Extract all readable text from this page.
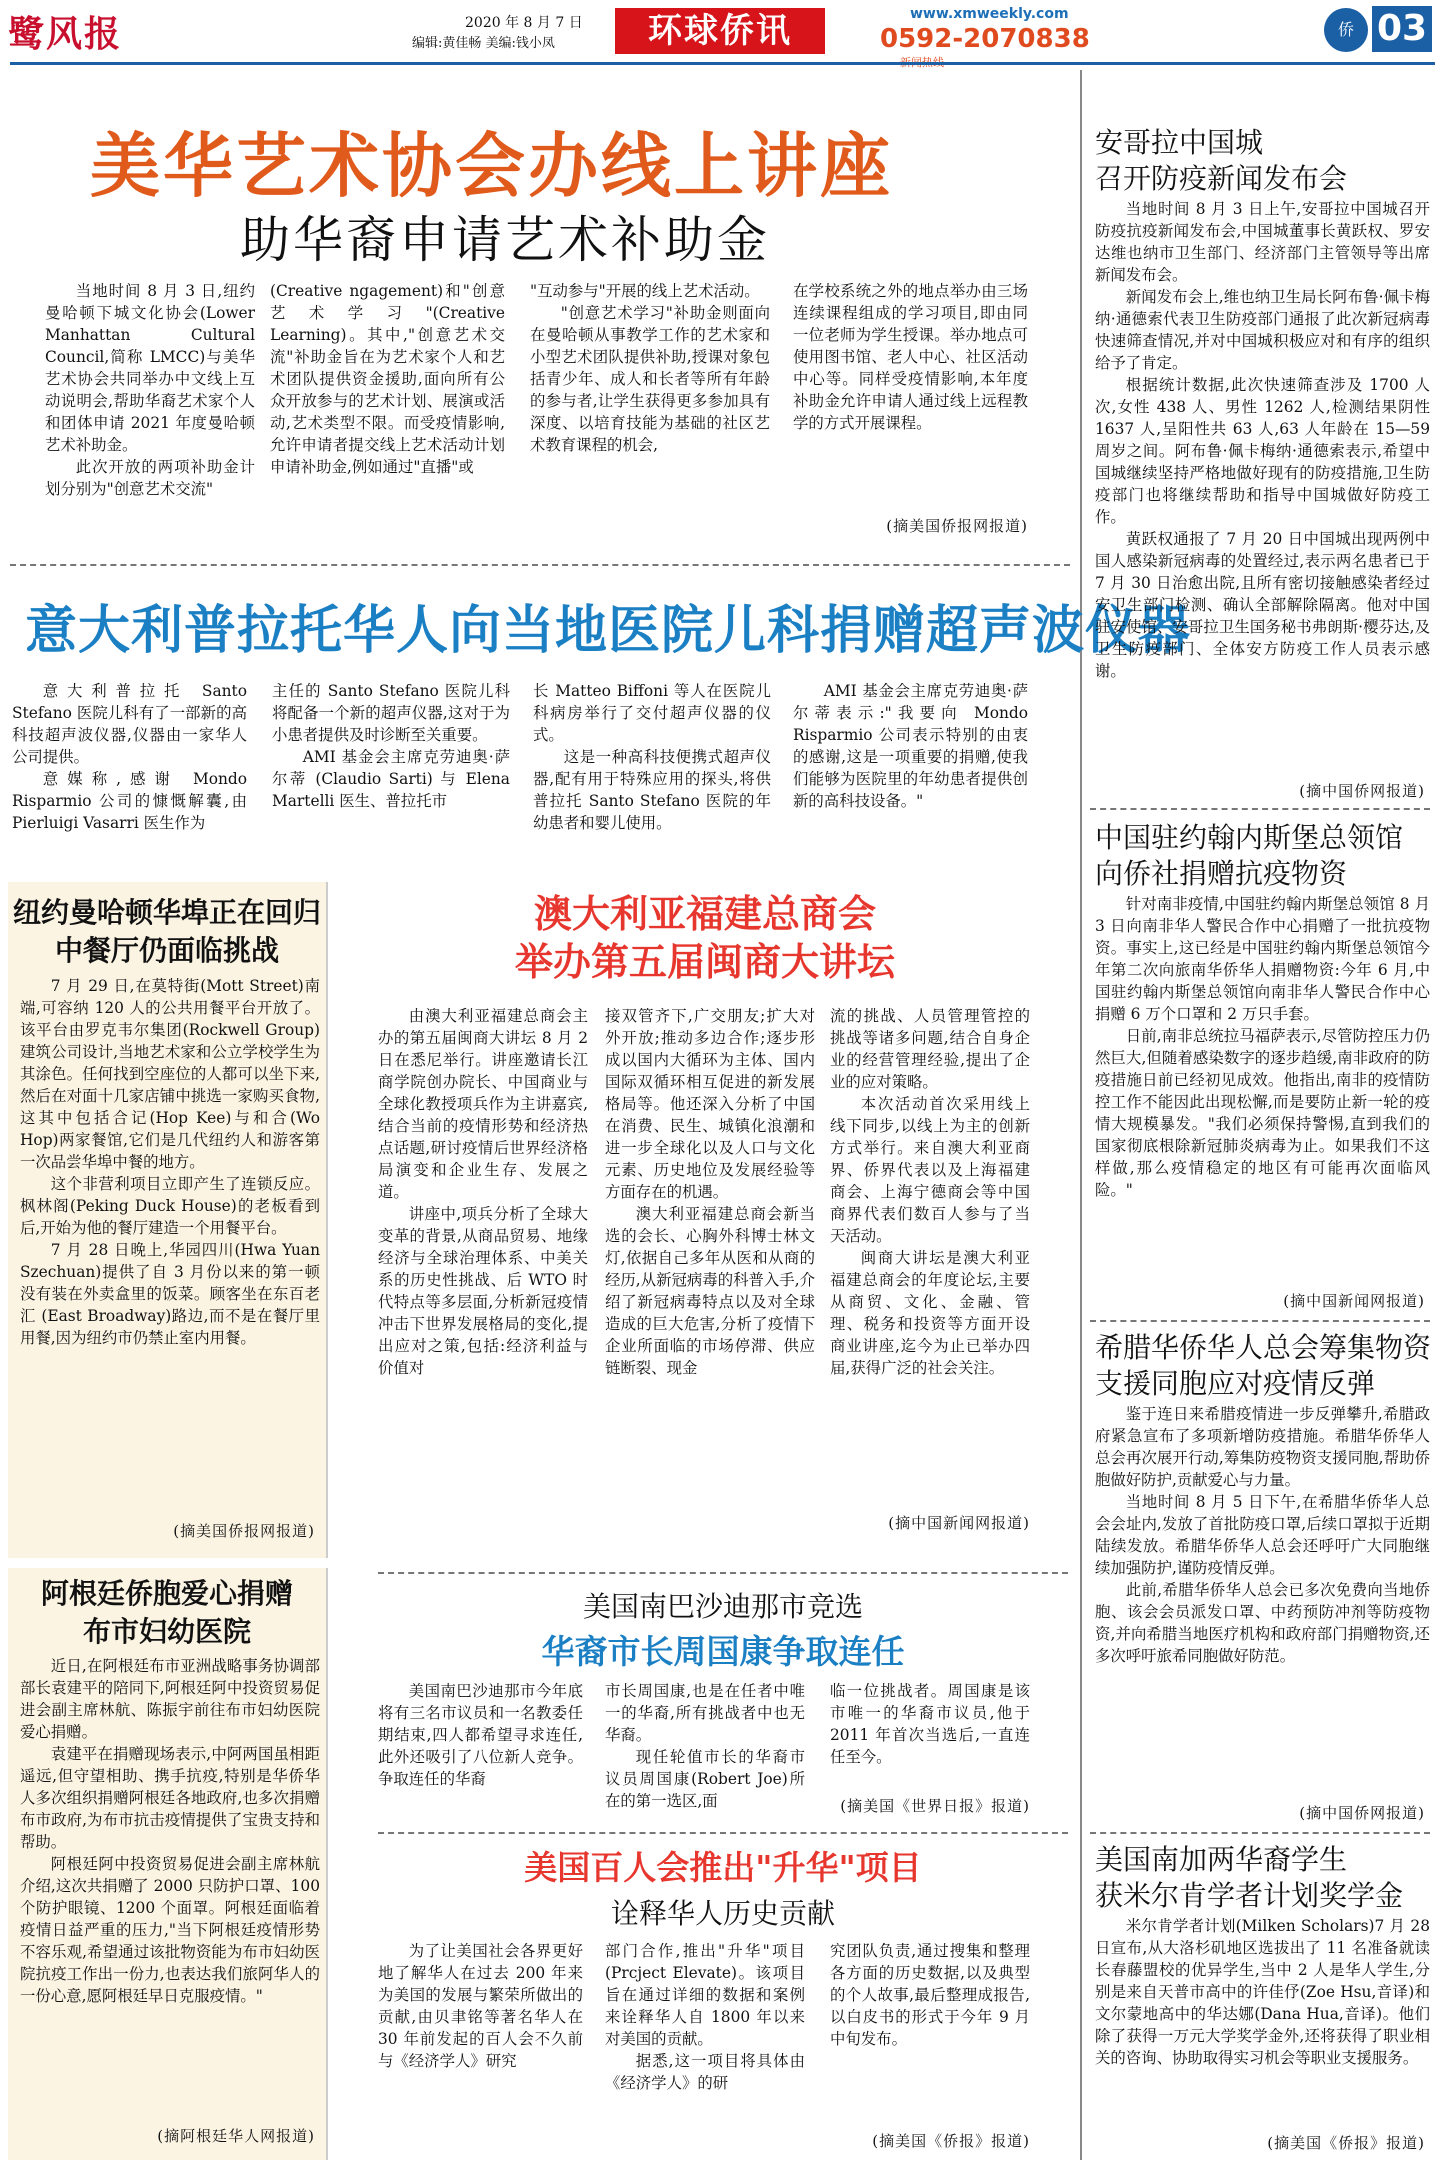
鹭风报	2020 年 8 月 7 日
编辑:黄佳畅 美编:钱小凤	环球侨讯	www.xmweekly.com
0592-2070838	侨 03
美华艺术协会办线上讲座
助华裔申请艺术补助金

当地时间 8 月 3 日,纽约曼哈顿下城文化协会(Lower Manhattan Cultural Council,简称 LMCC)与美华艺术协会共同举办中文线上互动说明会,帮助华裔艺术家个人和团体申请 2021 年度曼哈顿艺术补助金。

此次开放的两项补助金计划分别为"创意艺术交流"

(Creative ngagement)和"创意艺术学习"(Creative Learning)。其中,"创意艺术交流"补助金旨在为艺术家个人和艺术团队提供资金援助,面向所有公众开放参与的艺术计划、展演或活动,艺术类型不限。而受疫情影响,允许申请者提交线上艺术活动计划申请补助金,例如通过"直播"或

"互动参与"开展的线上艺术活动。

"创意艺术学习"补助金则面向在曼哈顿从事教学工作的艺术家和小型艺术团队提供补助,授课对象包括青少年、成人和长者等所有年龄的参与者,让学生获得更多参加具有深度、以培育技能为基础的社区艺术教育课程的机会,

在学校系统之外的地点举办由三场连续课程组成的学习项目,即由同一位老师为学生授课。举办地点可使用图书馆、老人中心、社区活动中心等。同样受疫情影响,本年度补助金允许申请人通过线上远程教学的方式开展课程。

(摘美国侨报网报道)

意大利普拉托华人向当地医院儿科捐赠超声波仪器

意大利普拉托 Santo Stefano 医院儿科有了一部新的高科技超声波仪器,仪器由一家华人公司提供。

意媒称,感谢 Mondo Risparmio 公司的慷慨解囊,由 Pierluigi Vasarri 医生作为

主任的 Santo Stefano 医院儿科将配备一个新的超声仪器,这对于为小患者提供及时诊断至关重要。

AMI 基金会主席克劳迪奥·萨尔蒂 (Claudio Sarti) 与 Elena Martelli 医生、普拉托市

长 Matteo Biffoni 等人在医院儿科病房举行了交付超声仪器的仪式。

这是一种高科技便携式超声仪器,配有用于特殊应用的探头,将供普拉托 Santo Stefano 医院的年幼患者和婴儿使用。

AMI 基金会主席克劳迪奥·萨尔蒂表示:"我要向 Mondo Risparmio 公司表示特别的由衷的感谢,这是一项重要的捐赠,使我们能够为医院里的年幼患者提供创新的高科技设备。"

纽约曼哈顿华埠正在回归
中餐厅仍面临挑战

7 月 29 日,在莫特街(Mott Street)南端,可容纳 120 人的公共用餐平台开放了。该平台由罗克韦尔集团(Rockwell Group)建筑公司设计,当地艺术家和公立学校学生为其涂色。任何找到空座位的人都可以坐下来,然后在对面十几家店铺中挑选一家购买食物,这其中包括合记(Hop Kee)与和合(Wo Hop)两家餐馆,它们是几代纽约人和游客第一次品尝华埠中餐的地方。

这个非营利项目立即产生了连锁反应。枫林阁(Peking Duck House)的老板看到后,开始为他的餐厅建造一个用餐平台。

7 月 28 日晚上,华园四川(Hwa Yuan Szechuan)提供了自 3 月份以来的第一顿没有装在外卖盒里的饭菜。顾客坐在东百老汇 (East Broadway)路边,而不是在餐厅里用餐,因为纽约市仍禁止室内用餐。

(摘美国侨报网报道)

阿根廷侨胞爱心捐赠
布市妇幼医院

近日,在阿根廷布市亚洲战略事务协调部部长袁建平的陪同下,阿根廷阿中投资贸易促进会副主席林航、陈振宇前往布市妇幼医院爱心捐赠。

袁建平在捐赠现场表示,中阿两国虽相距遥远,但守望相助、携手抗疫,特别是华侨华人多次组织捐赠阿根廷各地政府,也多次捐赠布市政府,为布市抗击疫情提供了宝贵支持和帮助。

阿根廷阿中投资贸易促进会副主席林航介绍,这次共捐赠了 2000 只防护口罩、100 个防护眼镜、1200 个面罩。阿根廷面临着疫情日益严重的压力,"当下阿根廷疫情形势不容乐观,希望通过该批物资能为布市妇幼医院抗疫工作出一份力,也表达我们旅阿华人的一份心意,愿阿根廷早日克服疫情。"

(摘阿根廷华人网报道)

澳大利亚福建总商会
举办第五届闽商大讲坛

由澳大利亚福建总商会主办的第五届闽商大讲坛 8 月 2 日在悉尼举行。讲座邀请长江商学院创办院长、中国商业与全球化教授项兵作为主讲嘉宾,结合当前的疫情形势和经济热点话题,研讨疫情后世界经济格局演变和企业生存、发展之道。

讲座中,项兵分析了全球大变革的背景,从商品贸易、地缘经济与全球治理体系、中美关系的历史性挑战、后 WTO 时代特点等多层面,分析新冠疫情冲击下世界发展格局的变化,提出应对之策,包括:经济利益与价值对

接双管齐下,广交朋友;扩大对外开放;推动多边合作;逐步形成以国内大循环为主体、国内国际双循环相互促进的新发展格局等。他还深入分析了中国在消费、民生、城镇化浪潮和进一步全球化以及人口与文化元素、历史地位及发展经验等方面存在的机遇。

澳大利亚福建总商会新当选的会长、心胸外科博士林文灯,依据自己多年从医和从商的经历,从新冠病毒的科普入手,介绍了新冠病毒特点以及对全球造成的巨大危害,分析了疫情下企业所面临的市场停滞、供应链断裂、现金

流的挑战、人员管理管控的挑战等诸多问题,结合自身企业的经营管理经验,提出了企业的应对策略。

本次活动首次采用线上线下同步,以线上为主的创新方式举行。来自澳大利亚商界、侨界代表以及上海福建商会、上海宁德商会等中国商界代表们数百人参与了当天活动。

闽商大讲坛是澳大利亚福建总商会的年度论坛,主要从商贸、文化、金融、管理、税务和投资等方面开设商业讲座,迄今为止已举办四届,获得广泛的社会关注。

(摘中国新闻网报道)

美国南巴沙迪那市竞选
华裔市长周国康争取连任

美国南巴沙迪那市今年底将有三名市议员和一名教委任期结束,四人都希望寻求连任,此外还吸引了八位新人竞争。争取连任的华裔

市长周国康,也是在任者中唯一的华裔,所有挑战者中也无华裔。

现任轮值市长的华裔市议员周国康(Robert Joe)所在的第一选区,面

临一位挑战者。周国康是该市唯一的华裔市议员,他于 2011 年首次当选后,一直连任至今。

(摘美国《世界日报》报道)

美国百人会推出"升华"项目
诠释华人历史贡献

为了让美国社会各界更好地了解华人在过去 200 年来为美国的发展与繁荣所做出的贡献,由贝聿铭等著名华人在 30 年前发起的百人会不久前与《经济学人》研究

部门合作,推出"升华"项目(Prcject Elevate)。该项目旨在通过详细的数据和案例来诠释华人自 1800 年以来对美国的贡献。

据悉,这一项目将具体由《经济学人》的研

究团队负责,通过搜集和整理各方面的历史数据,以及典型的个人故事,最后整理成报告,以白皮书的形式于今年 9 月中旬发布。

(摘美国《侨报》报道)

安哥拉中国城

召开防疫新闻发布会

当地时间 8 月 3 日上午,安哥拉中国城召开防疫抗疫新闻发布会,中国城董事长黄跃权、罗安达维也纳市卫生部门、经济部门主管领导等出席新闻发布会。

新闻发布会上,维也纳卫生局长阿布鲁·佩卡梅纳·通德索代表卫生防疫部门通报了此次新冠病毒快速筛查情况,并对中国城积极应对和有序的组织给予了肯定。

根据统计数据,此次快速筛查涉及 1700 人次,女性 438 人、男性 1262 人,检测结果阴性 1637 人,呈阳性共 63 人,63 人年龄在 15—59 周岁之间。阿布鲁·佩卡梅纳·通德索表示,希望中国城继续坚持严格地做好现有的防疫措施,卫生防疫部门也将继续帮助和指导中国城做好防疫工作。

黄跃权通报了 7 月 20 日中国城出现两例中国人感染新冠病毒的处置经过,表示两名患者已于 7 月 30 日治愈出院,且所有密切接触感染者经过安卫生部门检测、确认全部解除隔离。他对中国驻安使馆、安哥拉卫生国务秘书弗朗斯·樱芬达,及卫生防疫部门、全体安方防疫工作人员表示感谢。

(摘中国侨网报道)

中国驻约翰内斯堡总领馆

向侨社捐赠抗疫物资

针对南非疫情,中国驻约翰内斯堡总领馆 8 月 3 日向南非华人警民合作中心捐赠了一批抗疫物资。事实上,这已经是中国驻约翰内斯堡总领馆今年第二次向旅南华侨华人捐赠物资:今年 6 月,中国驻约翰内斯堡总领馆向南非华人警民合作中心捐赠 6 万个口罩和 2 万只手套。

日前,南非总统拉马福萨表示,尽管防控压力仍然巨大,但随着感染数字的逐步趋缓,南非政府的防疫措施日前已经初见成效。他指出,南非的疫情防控工作不能因此出现松懈,而是要防止新一轮的疫情大规模暴发。"我们必须保持警惕,直到我们的国家彻底根除新冠肺炎病毒为止。如果我们不这样做,那么疫情稳定的地区有可能再次面临风险。"

(摘中国新闻网报道)

希腊华侨华人总会筹集物资

支援同胞应对疫情反弹

鉴于连日来希腊疫情进一步反弹攀升,希腊政府紧急宣布了多项新增防疫措施。希腊华侨华人总会再次展开行动,筹集防疫物资支援同胞,帮助侨胞做好防护,贡献爱心与力量。

当地时间 8 月 5 日下午,在希腊华侨华人总会会址内,发放了首批防疫口罩,后续口罩拟于近期陆续发放。希腊华侨华人总会还呼吁广大同胞继续加强防护,谨防疫情反弹。

此前,希腊华侨华人总会已多次免费向当地侨胞、该会会员派发口罩、中药预防冲剂等防疫物资,并向希腊当地医疗机构和政府部门捐赠物资,还多次呼吁旅希同胞做好防范。

(摘中国侨网报道)

美国南加两华裔学生

获米尔肯学者计划奖学金

米尔肯学者计划(Milken Scholars)7 月 28 日宣布,从大洛杉矶地区选拔出了 11 名准备就读长春藤盟校的优异学生,当中 2 人是华人学生,分别是来自天普市高中的许佳伃(Zoe Hsu,音译)和文尔蒙地高中的华达娜(Dana Hua,音译)。他们除了获得一万元大学奖学金外,还将获得了职业相关的咨询、协助取得实习机会等职业支援服务。

(摘美国《侨报》报道)
